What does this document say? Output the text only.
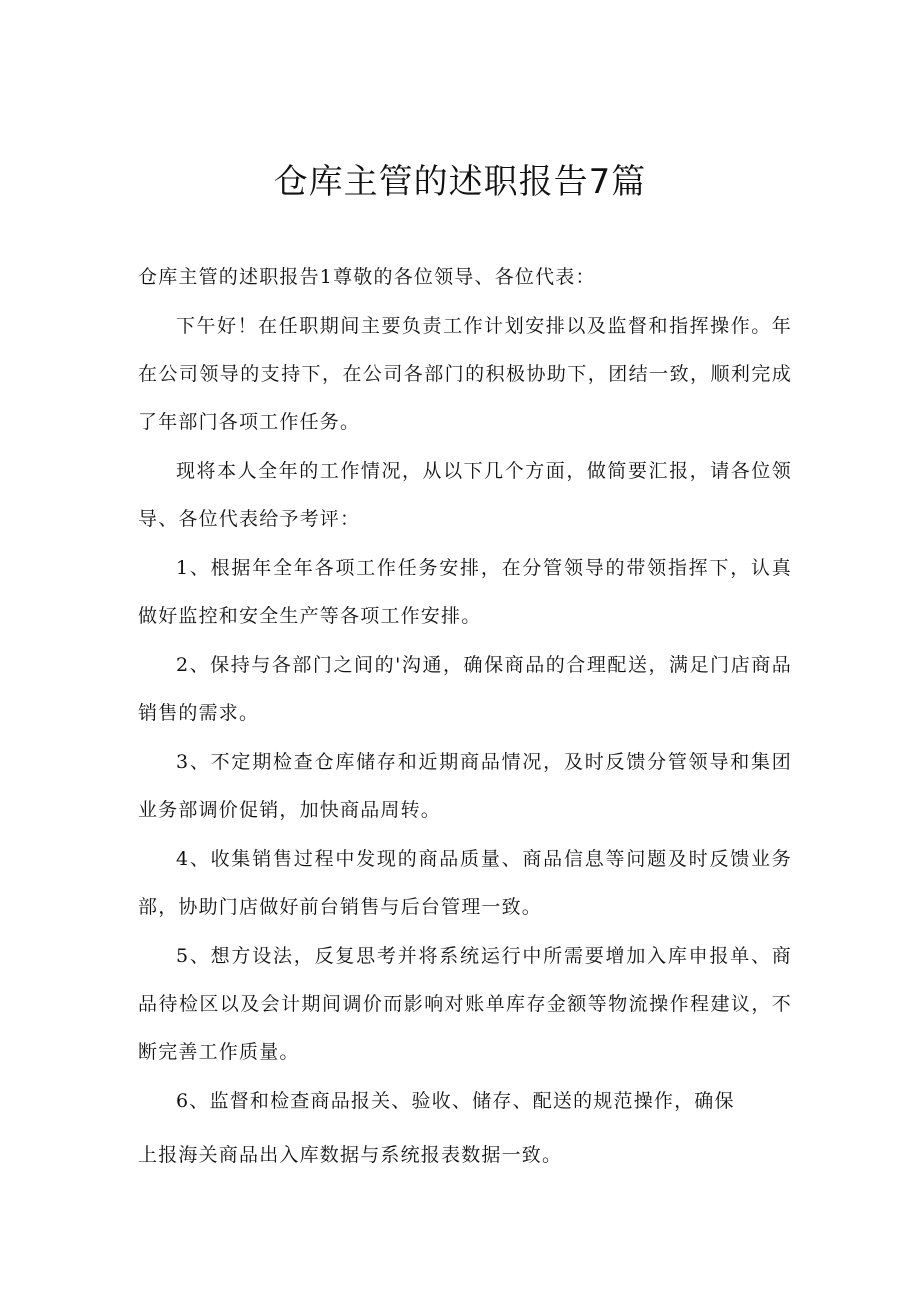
仓库主管的述职报告7篇

仓库主管的述职报告1尊敬的各位领导、各位代表：

下午好！在任职期间主要负责工作计划安排以及监督和指挥操作。年在公司领导的支持下，在公司各部门的积极协助下，团结一致，顺利完成了年部门各项工作任务。

现将本人全年的工作情况，从以下几个方面，做简要汇报，请各位领导、各位代表给予考评：

1、根据年全年各项工作任务安排，在分管领导的带领指挥下，认真做好监控和安全生产等各项工作安排。

2、保持与各部门之间的'沟通，确保商品的合理配送，满足门店商品销售的需求。

3、不定期检查仓库储存和近期商品情况，及时反馈分管领导和集团业务部调价促销，加快商品周转。

4、收集销售过程中发现的商品质量、商品信息等问题及时反馈业务部，协助门店做好前台销售与后台管理一致。

5、想方设法，反复思考并将系统运行中所需要增加入库申报单、商品待检区以及会计期间调价而影响对账单库存金额等物流操作程建议，不断完善工作质量。

6、监督和检查商品报关、验收、储存、配送的规范操作，确保

上报海关商品出入库数据与系统报表数据一致。
